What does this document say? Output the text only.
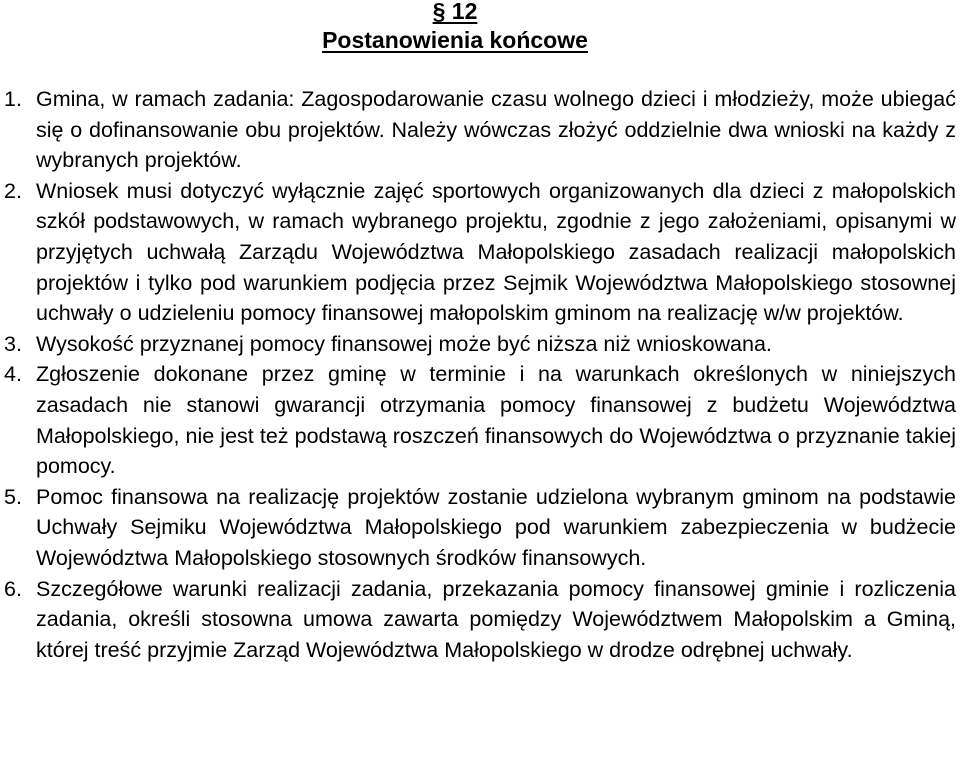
§ 12
Postanowienia końcowe
1. Gmina, w ramach zadania: Zagospodarowanie czasu wolnego dzieci i młodzieży, może ubiegać się o dofinansowanie obu projektów. Należy wówczas złożyć oddzielnie dwa wnioski na każdy z wybranych projektów.
2. Wniosek musi dotyczyć wyłącznie zajęć sportowych organizowanych dla dzieci z małopolskich szkół podstawowych, w ramach wybranego projektu, zgodnie z jego założeniami, opisanymi w przyjętych uchwałą Zarządu Województwa Małopolskiego zasadach realizacji małopolskich projektów i tylko pod warunkiem podjęcia przez Sejmik Województwa Małopolskiego stosownej uchwały o udzieleniu pomocy finansowej małopolskim gminom na realizację w/w projektów.
3. Wysokość przyznanej pomocy finansowej może być niższa niż wnioskowana.
4. Zgłoszenie dokonane przez gminę w terminie i na warunkach określonych w niniejszych zasadach nie stanowi gwarancji otrzymania pomocy finansowej z budżetu Województwa Małopolskiego, nie jest też podstawą roszczeń finansowych do Województwa o przyznanie takiej pomocy.
5. Pomoc finansowa na realizację projektów zostanie udzielona wybranym gminom na podstawie Uchwały Sejmiku Województwa Małopolskiego pod warunkiem zabezpieczenia w budżecie Województwa Małopolskiego stosownych środków finansowych.
6. Szczegółowe warunki realizacji zadania, przekazania pomocy finansowej gminie i rozliczenia zadania, określi stosowna umowa zawarta pomiędzy Województwem Małopolskim a Gminą, której treść przyjmie Zarząd Województwa Małopolskiego w drodze odrębnej uchwały.
